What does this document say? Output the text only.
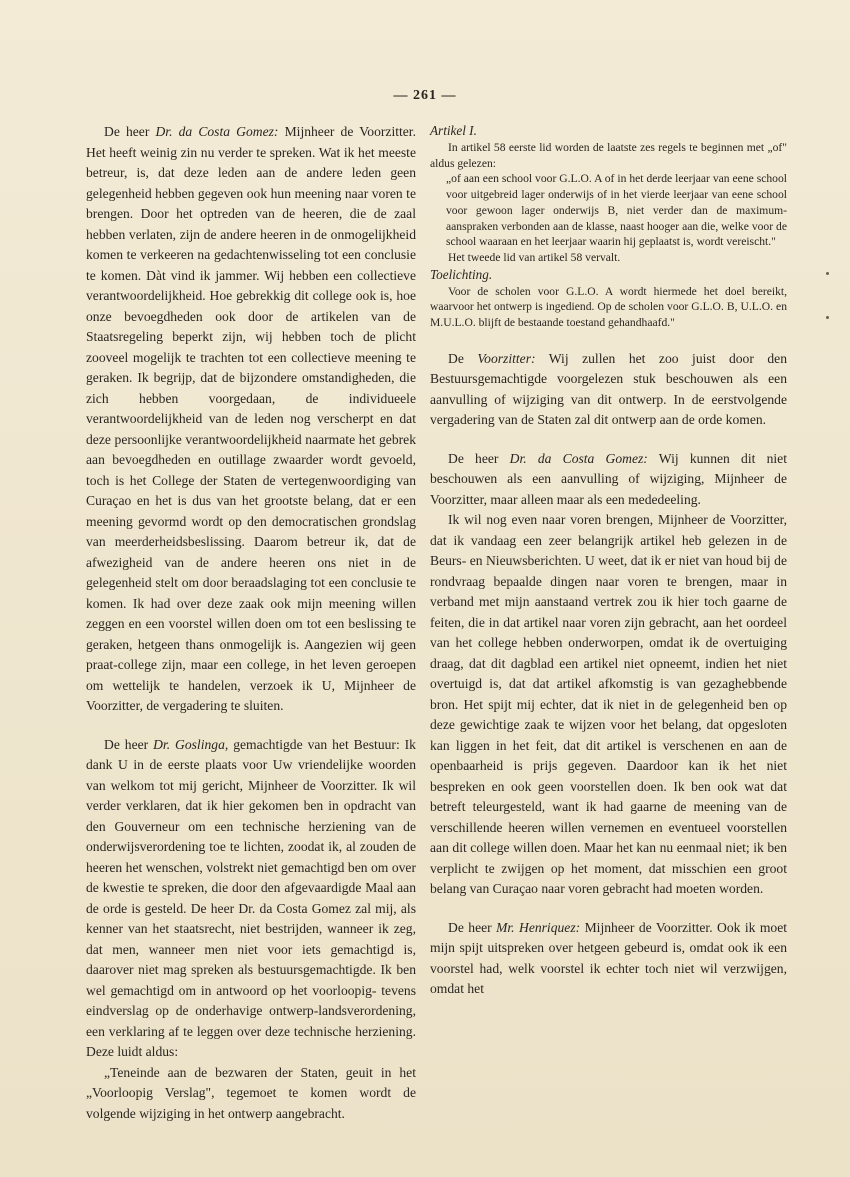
— 261 —

De heer Dr. da Costa Gomez: Mijnheer de Voorzitter. Het heeft weinig zin nu verder te spreken. Wat ik het meeste betreur, is, dat deze leden aan de andere leden geen gelegenheid hebben gegeven ook hun meening naar voren te brengen. Door het optreden van de heeren, die de zaal hebben verlaten, zijn de andere heeren in de onmogelijkheid komen te verkeeren na gedachtenwisseling tot een conclusie te komen. Dàt vind ik jammer. Wij hebben een collectieve verantwoordelijkheid. Hoe gebrekkig dit college ook is, hoe onze bevoegdheden ook door de artikelen van de Staatsregeling beperkt zijn, wij hebben toch de plicht zooveel mogelijk te trachten tot een collectieve meening te geraken. Ik begrijp, dat de bijzondere omstandigheden, die zich hebben voorgedaan, de individueele verantwoordelijkheid van de leden nog verscherpt en dat deze persoonlijke verantwoordelijkheid naarmate het gebrek aan bevoegdheden en outillage zwaarder wordt gevoeld, toch is het College der Staten de vertegenwoordiging van Curaçao en het is dus van het grootste belang, dat er een meening gevormd wordt op den democratischen grondslag van meerderheidsbeslissing. Daarom betreur ik, dat de afwezigheid van de andere heeren ons niet in de gelegenheid stelt om door beraadslaging tot een conclusie te komen. Ik had over deze zaak ook mijn meening willen zeggen en een voorstel willen doen om tot een beslissing te geraken, hetgeen thans onmogelijk is. Aangezien wij geen praat-college zijn, maar een college, in het leven geroepen om wettelijk te handelen, verzoek ik U, Mijnheer de Voorzitter, de vergadering te sluiten.

De heer Dr. Goslinga, gemachtigde van het Bestuur: Ik dank U in de eerste plaats voor Uw vriendelijke woorden van welkom tot mij gericht, Mijnheer de Voorzitter. Ik wil verder verklaren, dat ik hier gekomen ben in opdracht van den Gouverneur om een technische herziening van de onderwijsverordening toe te lichten, zoodat ik, al zouden de heeren het wenschen, volstrekt niet gemachtigd ben om over de kwestie te spreken, die door den afgevaardigde Maal aan de orde is gesteld. De heer Dr. da Costa Gomez zal mij, als kenner van het staatsrecht, niet bestrijden, wanneer ik zeg, dat men, wanneer men niet voor iets gemachtigd is, daarover niet mag spreken als bestuursgemachtigde. Ik ben wel gemachtigd om in antwoord op het voorloopig- tevens eindverslag op de onderhavige ontwerp-landsverordening, een verklaring af te leggen over deze technische herziening. Deze luidt aldus:

„Teneinde aan de bezwaren der Staten, geuit in het „Voorloopig Verslag", tegemoet te komen wordt de volgende wijziging in het ontwerp aangebracht.

Artikel I.

In artikel 58 eerste lid worden de laatste zes regels te beginnen met „of" aldus gelezen:

„of aan een school voor G.L.O. A of in het derde leerjaar van eene school voor uitgebreid lager onderwijs of in het vierde leerjaar van eene school voor gewoon lager onderwijs B, niet verder dan de maximum-aanspraken verbonden aan de klasse, naast hooger aan die, welke voor de school waaraan en het leerjaar waarin hij geplaatst is, wordt vereischt."

Het tweede lid van artikel 58 vervalt.

Toelichting.

Voor de scholen voor G.L.O. A wordt hiermede het doel bereikt, waarvoor het ontwerp is ingediend. Op de scholen voor G.L.O. B, U.L.O. en M.U.L.O. blijft de bestaande toestand gehandhaafd."

De Voorzitter: Wij zullen het zoo juist door den Bestuursgemachtigde voorgelezen stuk beschouwen als een aanvulling of wijziging van dit ontwerp. In de eerstvolgende vergadering van de Staten zal dit ontwerp aan de orde komen.

De heer Dr. da Costa Gomez: Wij kunnen dit niet beschouwen als een aanvulling of wijziging, Mijnheer de Voorzitter, maar alleen maar als een mededeeling.

Ik wil nog even naar voren brengen, Mijnheer de Voorzitter, dat ik vandaag een zeer belangrijk artikel heb gelezen in de Beurs- en Nieuwsberichten. U weet, dat ik er niet van houd bij de rondvraag bepaalde dingen naar voren te brengen, maar in verband met mijn aanstaand vertrek zou ik hier toch gaarne de feiten, die in dat artikel naar voren zijn gebracht, aan het oordeel van het college hebben onderworpen, omdat ik de overtuiging draag, dat dit dagblad een artikel niet opneemt, indien het niet overtuigd is, dat dat artikel afkomstig is van gezaghebbende bron. Het spijt mij echter, dat ik niet in de gelegenheid ben op deze gewichtige zaak te wijzen voor het belang, dat opgesloten kan liggen in het feit, dat dit artikel is verschenen en aan de openbaarheid is prijs gegeven. Daardoor kan ik het niet bespreken en ook geen voorstellen doen. Ik ben ook wat dat betreft teleurgesteld, want ik had gaarne de meening van de verschillende heeren willen vernemen en eventueel voorstellen aan dit college willen doen. Maar het kan nu eenmaal niet; ik ben verplicht te zwijgen op het moment, dat misschien een groot belang van Curaçao naar voren gebracht had moeten worden.

De heer Mr. Henriquez: Mijnheer de Voorzitter. Ook ik moet mijn spijt uitspreken over hetgeen gebeurd is, omdat ook ik een voorstel had, welk voorstel ik echter toch niet wil verzwijgen, omdat het
